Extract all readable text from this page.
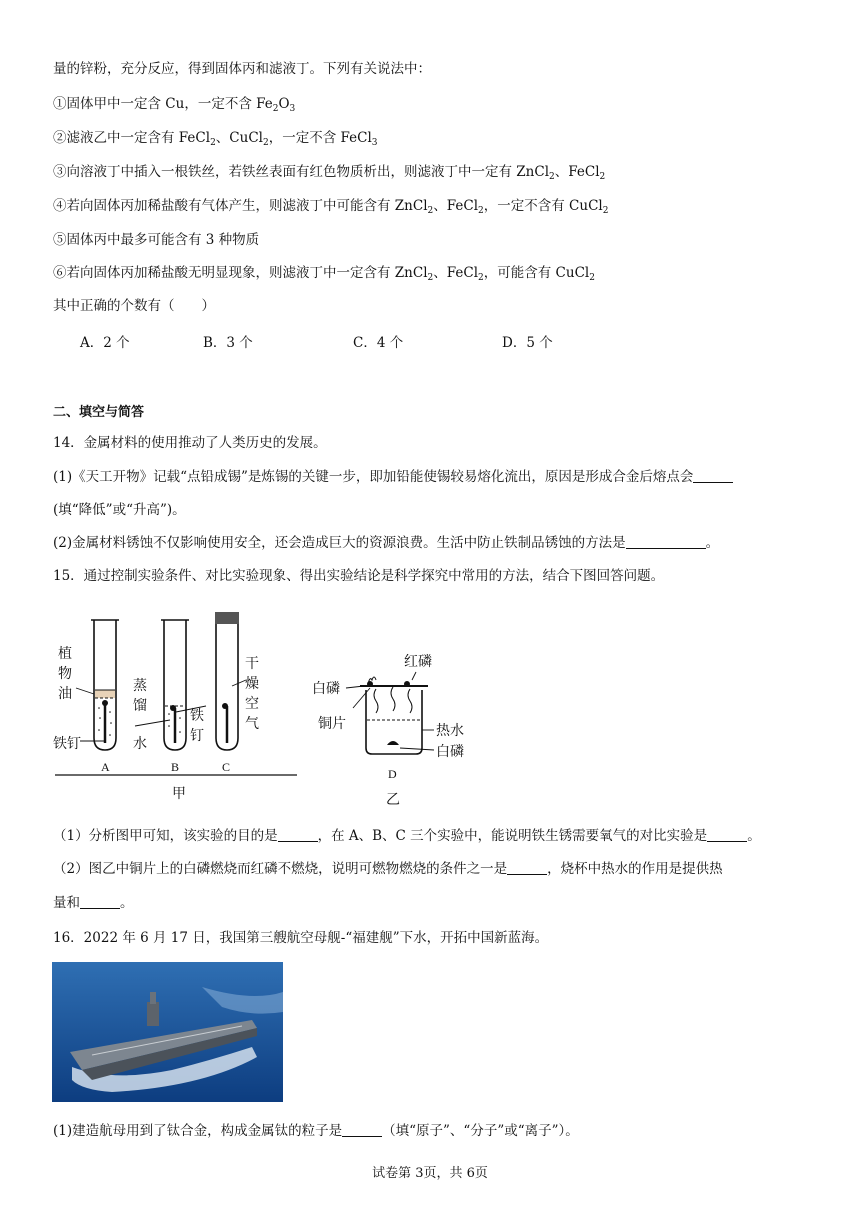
量的锌粉，充分反应，得到固体丙和滤液丁。下列有关说法中：
①固体甲中一定含 Cu，一定不含 $Fe_2O_3$
②滤液乙中一定含有 FeCl$_2$、CuCl$_2$，一定不含 FeCl$_3$
③向溶液丁中插入一根铁丝，若铁丝表面有红色物质析出，则滤液丁中一定有 ZnCl$_2$、FeCl$_2$
④若向固体丙加稀盐酸有气体产生，则滤液丁中可能含有 ZnCl$_2$、FeCl$_2$，一定不含有 CuCl$_2$
⑤固体丙中最多可能含有 3 种物质
⑥若向固体丙加稀盐酸无明显现象，则滤液丁中一定含有 ZnCl$_2$、FeCl$_2$，可能含有 CuCl$_2$
其中正确的个数有（　　）
A．2 个	B．3 个	C．4 个	D．5 个
二、填空与简答
14．金属材料的使用推动了人类历史的发展。
(1)《天工开物》记载“点铅成锡”是炼锡的关键一步，即加铅能使锡较易熔化流出，原因是形成合金后熔点会
(填“降低”或“升高”)。
(2)金属材料锈蚀不仅影响使用安全，还会造成巨大的资源浪费。生活中防止铁制品锈蚀的方法是	。
15．通过控制实验条件、对比实验现象、得出实验结论是科学探究中常用的方法，结合下图回答问题。
植
物
油
铁钉
蒸
馏
水
铁
钉
干
燥
空
气
A	B	C
甲
红磷
白磷
铜片	热水
白磷
D
乙
（1）分析图甲可知，该实验的目的是	，在 A、B、C 三个实验中，能说明铁生锈需要氧气的对比实验是	。
（2）图乙中铜片上的白磷燃烧而红磷不燃烧，说明可燃物燃烧的条件之一是	，烧杯中热水的作用是提供热
量和	。
16．2022 年 6 月 17 日，我国第三艘航空母舰-“福建舰”下水，开拓中国新蓝海。
(1)建造航母用到了钛合金，构成金属钛的粒子是	（填“原子”、“分子”或“离子”）。
试卷第 3页，共 6页
